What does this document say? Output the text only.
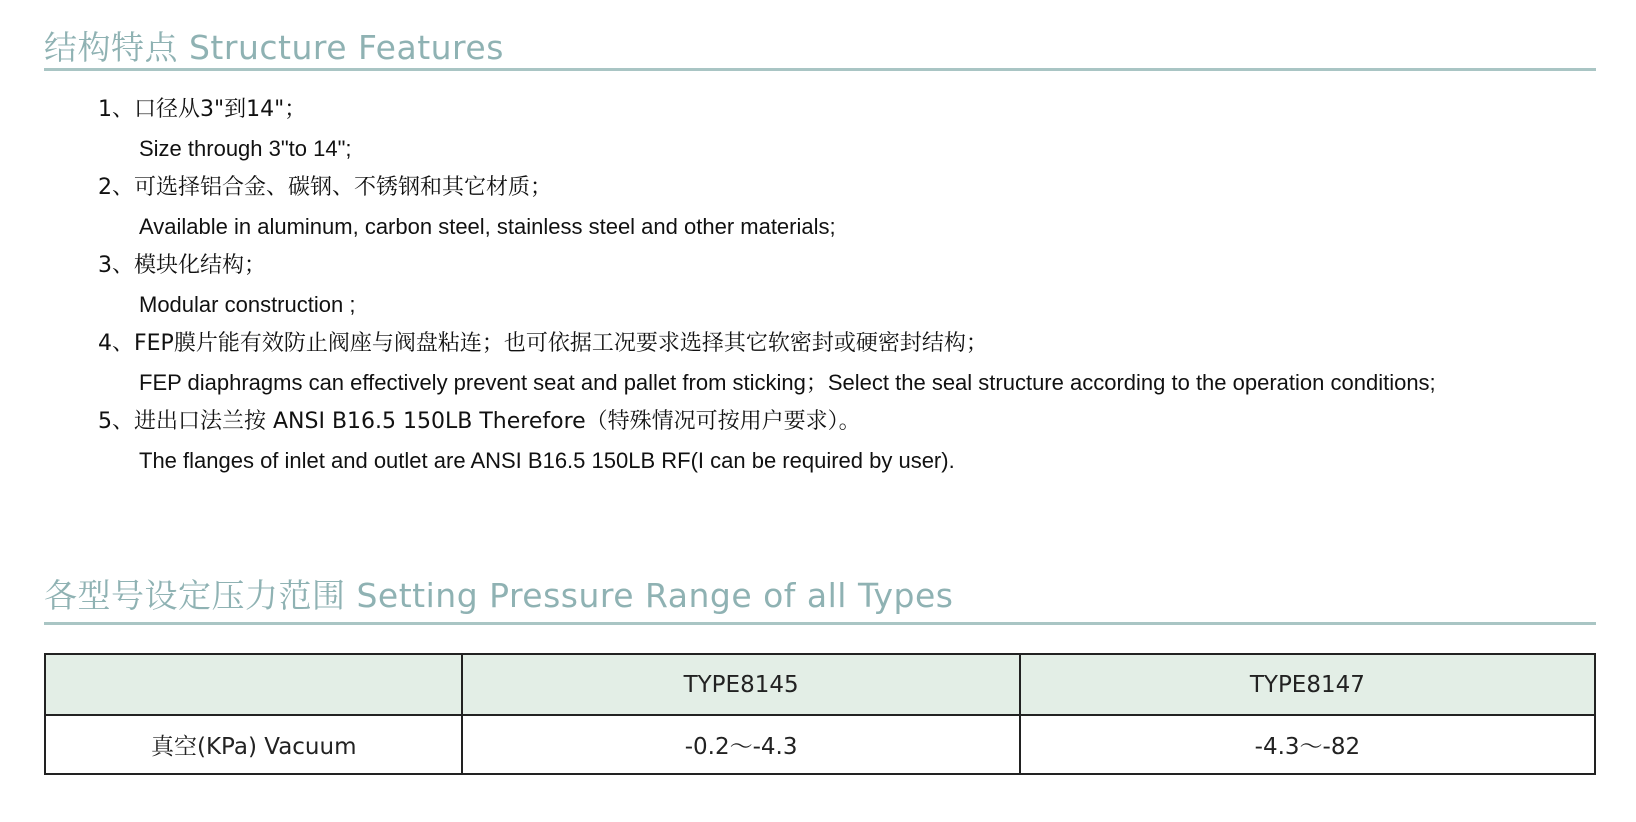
结构特点 Structure Features
1、口径从3"到14"；
Size through 3"to 14";
2、可选择铝合金、碳钢、不锈钢和其它材质；
Available in aluminum, carbon steel, stainless steel and other materials;
3、模块化结构；
Modular construction ;
4、FEP膜片能有效防止阀座与阀盘粘连；也可依据工况要求选择其它软密封或硬密封结构；
FEP diaphragms can effectively prevent seat and pallet from sticking；Select the seal structure according to the operation conditions;
5、进出口法兰按 ANSI B16.5 150LB Therefore（特殊情况可按用户要求）。
The flanges of inlet and outlet are ANSI B16.5 150LB RF(I can be required by user).
各型号设定压力范围 Setting Pressure Range of all Types
	TYPE8145	TYPE8147
真空(KPa) Vacuum	-0.2～-4.3	-4.3～-82
